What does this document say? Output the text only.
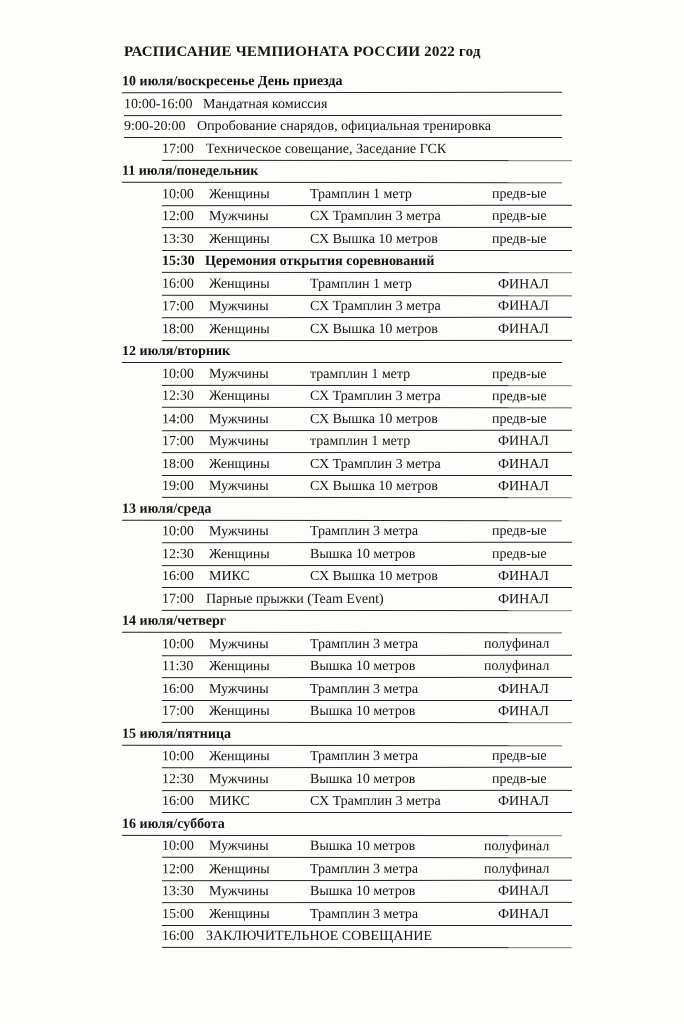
РАСПИСАНИЕ ЧЕМПИОНАТА РОССИИ 2022 год
10 июля/воскресенье День приезда
10:00-16:00 Мандатная комиссия
9:00-20:00 Опробование снарядов, официальная тренировка
17:00 Техническое совещание, Заседание ГСК
11 июля/понедельник
10:00 Женщины	Трамплин 1 метр	предв-ые
12:00 Мужчины	СХ Трамплин 3 метра	предв-ые
13:30 Женщины	СХ Вышка 10 метров	предв-ые
15:30 Церемония открытия соревнований
16:00 Женщины	Трамплин 1 метр	ФИНАЛ
17:00 Мужчины	СХ Трамплин 3 метра	ФИНАЛ
18:00 Женщины	СХ Вышка 10 метров	ФИНАЛ
12 июля/вторник
10:00 Мужчины	трамплин 1 метр	предв-ые
12:30 Женщины	СХ Трамплин 3 метра	предв-ые
14:00 Мужчины	СХ Вышка 10 метров	предв-ые
17:00 Мужчины	трамплин 1 метр	ФИНАЛ
18:00 Женщины	СХ Трамплин 3 метра	ФИНАЛ
19:00 Мужчины	СХ Вышка 10 метров	ФИНАЛ
13 июля/среда
10:00 Мужчины	Трамплин 3 метра	предв-ые
12:30 Женщины	Вышка 10 метров	предв-ые
16:00 МИКС	СХ Вышка 10 метров	ФИНАЛ
17:00 Парные прыжки (Team Event)	ФИНАЛ
14 июля/четверг
10:00 Мужчины	Трамплин 3 метра	полуфинал
11:30 Женщины	Вышка 10 метров	полуфинал
16:00 Мужчины	Трамплин 3 метра	ФИНАЛ
17:00 Женщины	Вышка 10 метров	ФИНАЛ
15 июля/пятница
10:00 Женщины	Трамплин 3 метра	предв-ые
12:30 Мужчины	Вышка 10 метров	предв-ые
16:00 МИКС	СХ Трамплин 3 метра	ФИНАЛ
16 июля/суббота
10:00 Мужчины	Вышка 10 метров	полуфинал
12:00 Женщины	Трамплин 3 метра	полуфинал
13:30 Мужчины	Вышка 10 метров	ФИНАЛ
15:00 Женщины	Трамплин 3 метра	ФИНАЛ
16:00 ЗАКЛЮЧИТЕЛЬНОЕ СОВЕЩАНИЕ
